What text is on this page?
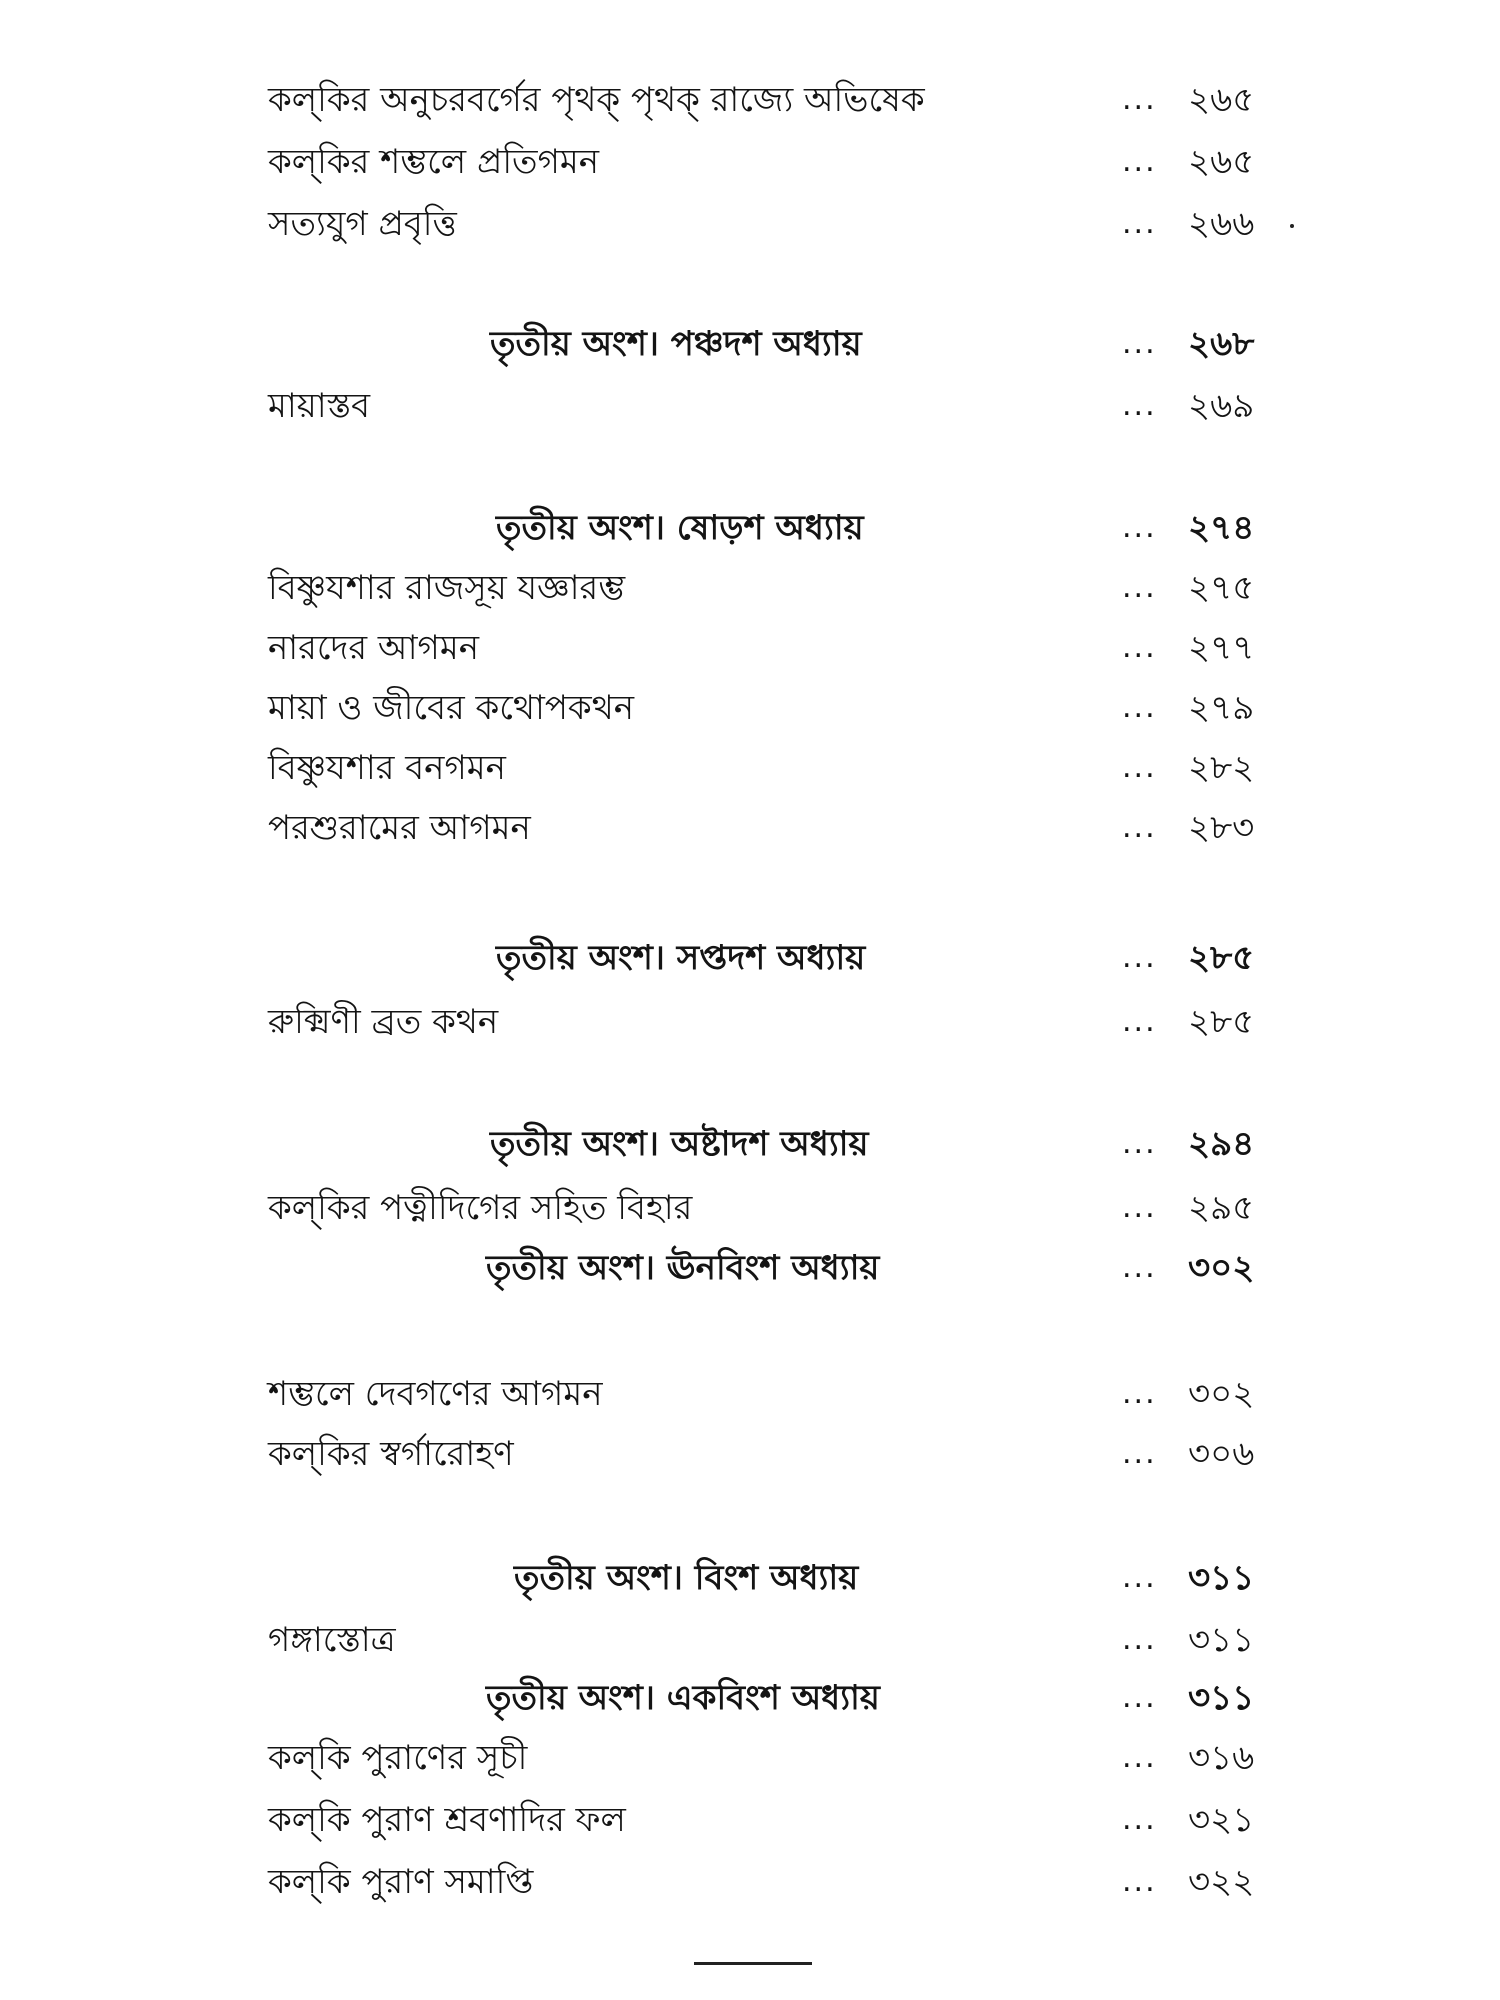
কল্‌কির অনুচরবর্গের পৃথক্‌ পৃথক্‌ রাজ্যে অভিষেক	... ২৬৫
কল্‌কির শম্ভলে প্রতিগমন	... ২৬৫
সত্যযুগ প্রবৃত্তি	... ২৬৬
তৃতীয় অংশ। পঞ্চদশ অধ্যায়	... ২৬৮
মায়াস্তব	... ২৬৯
তৃতীয় অংশ। ষোড়শ অধ্যায়	... ২৭৪
বিষ্ণুযশার রাজসূয় যজ্ঞারম্ভ	... ২৭৫
নারদের আগমন	... ২৭৭
মায়া ও জীবের কথোপকথন	... ২৭৯
বিষ্ণুযশার বনগমন	... ২৮২
পরশুরামের আগমন	... ২৮৩
তৃতীয় অংশ। সপ্তদশ অধ্যায়	... ২৮৫
রুক্মিণী ব্রত কথন	... ২৮৫
তৃতীয় অংশ। অষ্টাদশ অধ্যায়	... ২৯৪
কল্‌কির পত্নীদিগের সহিত বিহার	... ২৯৫
তৃতীয় অংশ। ঊনবিংশ অধ্যায়	... ৩০২
শম্ভলে দেবগণের আগমন	... ৩০২
কল্‌কির স্বর্গারোহণ	... ৩০৬
তৃতীয় অংশ। বিংশ অধ্যায়	... ৩১১
গঙ্গাস্তোত্র	... ৩১১
তৃতীয় অংশ। একবিংশ অধ্যায়	... ৩১১
কল্‌কি পুরাণের সূচী	... ৩১৬
কল্‌কি পুরাণ শ্রবণাদির ফল	... ৩২১
কল্‌কি পুরাণ সমাপ্তি	... ৩২২
